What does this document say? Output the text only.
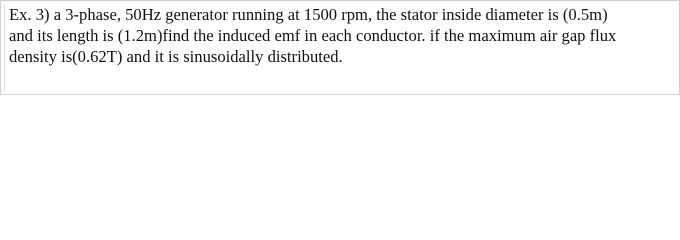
Ex. 3) a 3-phase, 50Hz generator running at 1500 rpm, the stator inside diameter is (0.5m)
and its length is (1.2m)find the induced emf in each conductor. if the maximum air gap flux
density is(0.62T) and it is sinusoidally distributed.
